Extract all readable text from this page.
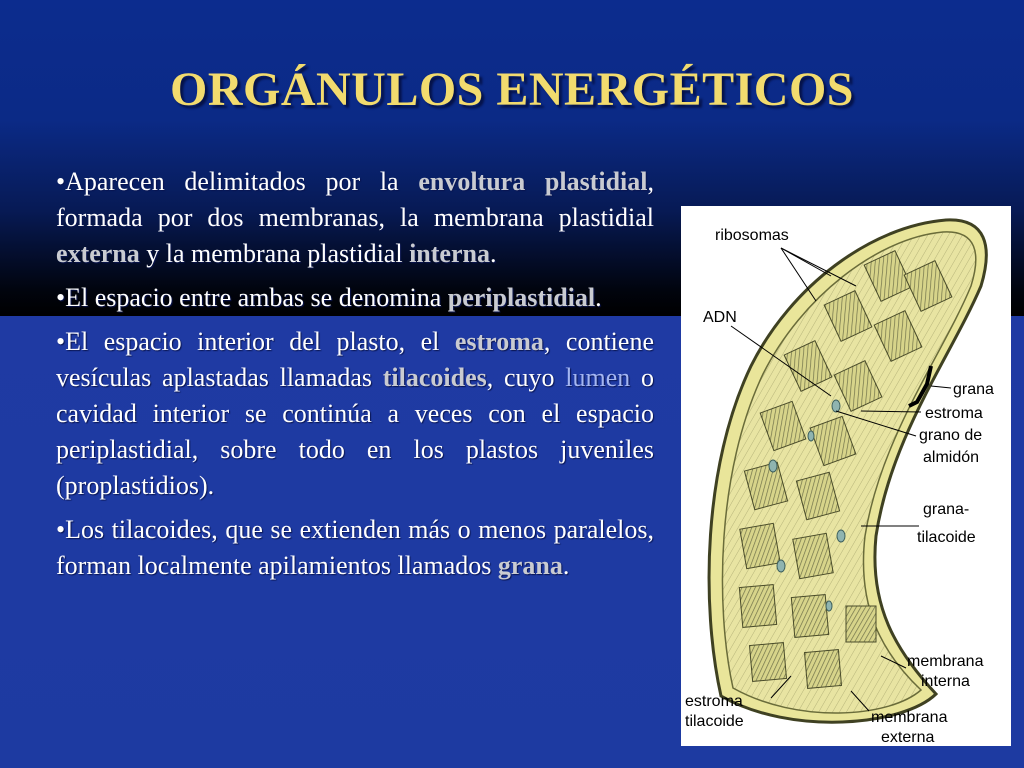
ORGÁNULOS ENERGÉTICOS

•Aparecen delimitados por la envoltura plastidial, formada por dos membranas, la membrana plastidial externa y la membrana plastidial interna.

•El espacio entre ambas se denomina periplastidial.

•El espacio interior del plasto, el estroma, contiene vesículas aplastadas llamadas tilacoides, cuyo lumen o cavidad interior se continúa a veces con el espacio periplastidial, sobre todo en los plastos juveniles (proplastidios).

•Los tilacoides, que se extienden más o menos paralelos, forman localmente apilamientos llamados grana.

ribosomas
ADN
grana
estroma
grano de
almidón
grana-
tilacoide
membrana
interna
estroma
tilacoide	membrana
externa
